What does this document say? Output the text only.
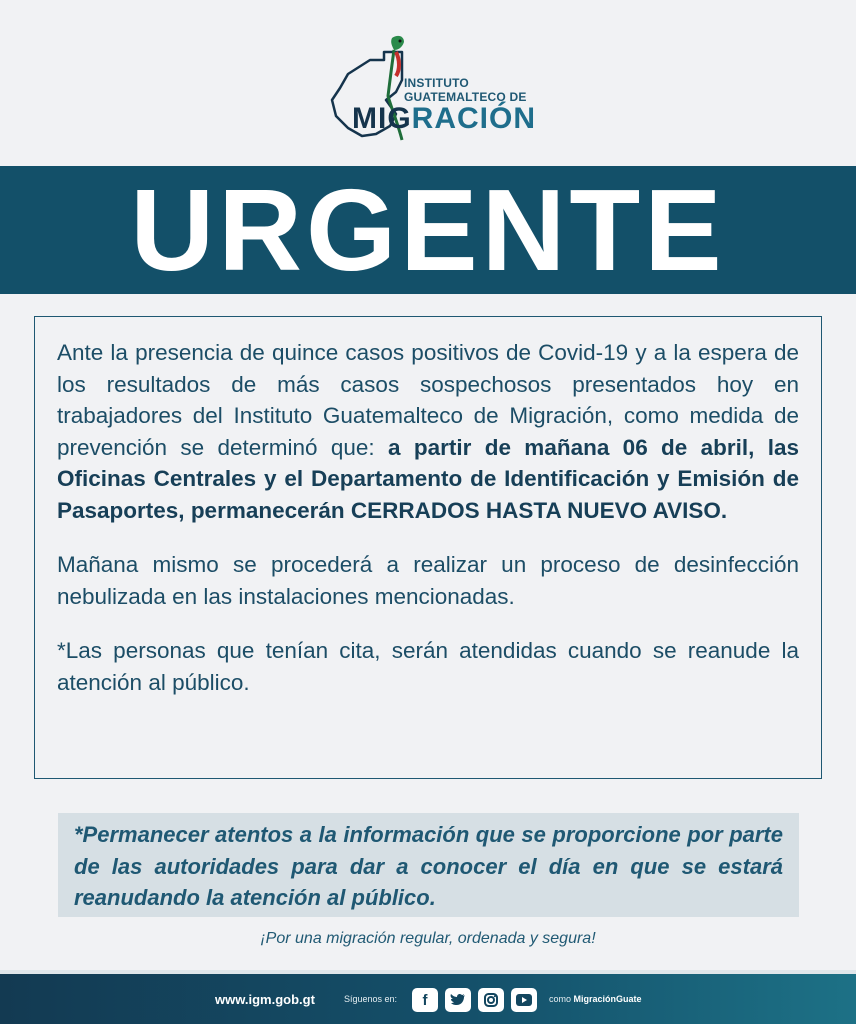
INSTITUTO
GUATEMALTECO DE
MIGRACIÓN
URGENTE

Ante la presencia de quince casos positivos de Covid-19 y a la espera de los resultados de más casos sospechosos presentados hoy en trabajadores del Instituto Guatemalteco de Migración, como medida de prevención se determinó que: a partir de mañana 06 de abril, las Oficinas Centrales y el Departamento de Identificación y Emisión de Pasaportes, permanecerán CERRADOS HASTA NUEVO AVISO.

Mañana mismo se procederá a realizar un proceso de desinfección nebulizada en las instalaciones mencionadas.

*Las personas que tenían cita, serán atendidas cuando se reanude la atención al público.

*Permanecer atentos a la información que se proporcione por parte de las autoridades para dar a conocer el día en que se estará reanudando la atención al público.

¡Por una migración regular, ordenada y segura!
www.igm.gob.gt	Síguenos en:	f	como MigraciónGuate
